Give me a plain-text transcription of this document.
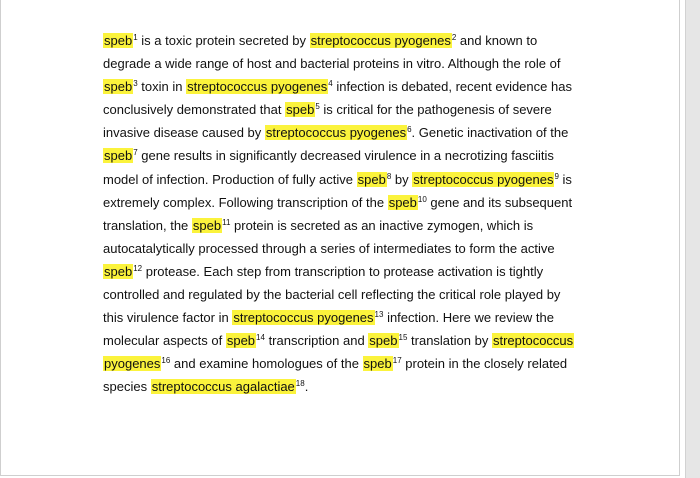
speb$^1$ is a toxic protein secreted by streptococcus pyogenes$^2$ and known to
degrade a wide range of host and bacterial proteins in vitro. Although the role of
speb$^3$ toxin in streptococcus pyogenes$^4$ infection is debated, recent evidence has
conclusively demonstrated that speb$^5$ is critical for the pathogenesis of severe
invasive disease caused by streptococcus pyogenes$^6$. Genetic inactivation of the
speb$^7$ gene results in significantly decreased virulence in a necrotizing fasciitis
model of infection. Production of fully active speb$^8$ by streptococcus pyogenes$^9$ is
extremely complex. Following transcription of the speb$^{10}$ gene and its subsequent
translation, the speb$^{11}$ protein is secreted as an inactive zymogen, which is
autocatalytically processed through a series of intermediates to form the active
speb$^{12}$ protease. Each step from transcription to protease activation is tightly
controlled and regulated by the bacterial cell reflecting the critical role played by
this virulence factor in streptococcus pyogenes$^{13}$ infection. Here we review the
molecular aspects of speb$^{14}$ transcription and speb$^{15}$ translation by streptococcus
pyogenes$^{16}$ and examine homologues of the speb$^{17}$ protein in the closely related
species streptococcus agalactiae$^{18}$.
